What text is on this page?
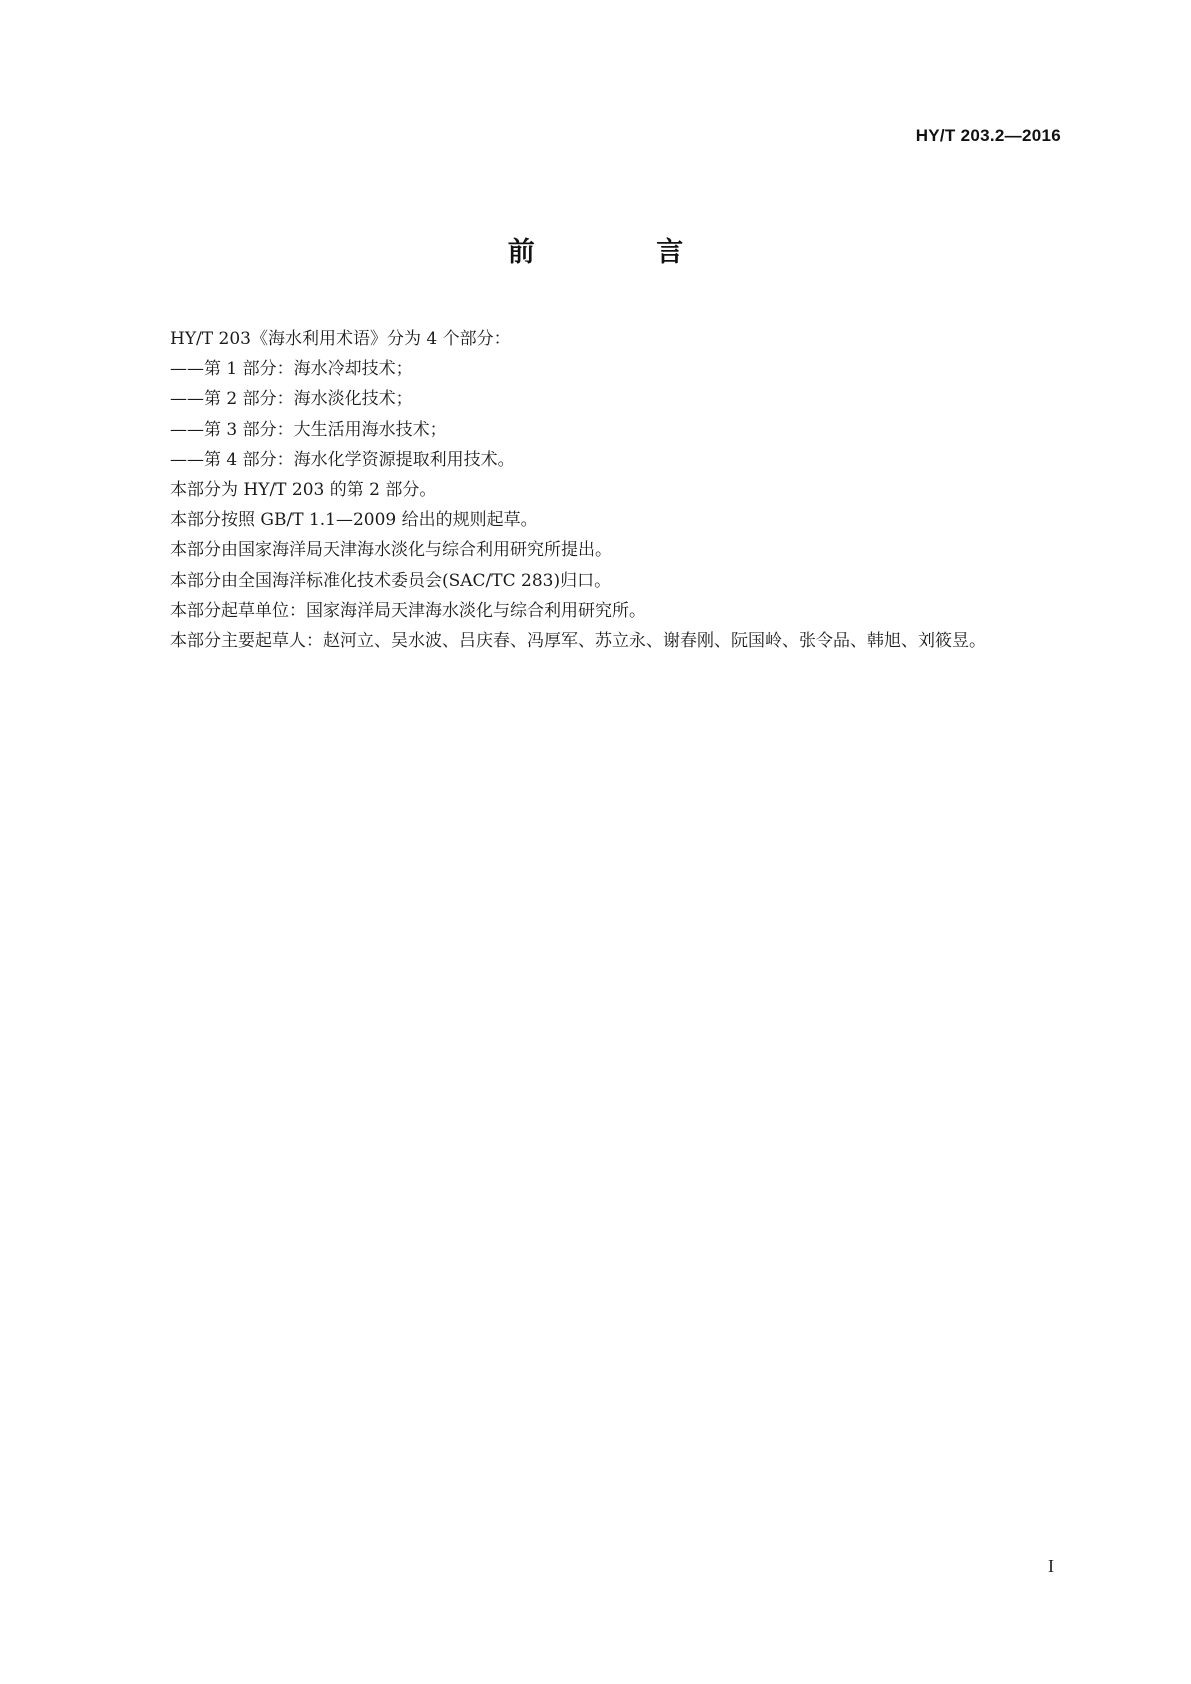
HY/T 203.2—2016
前 言

HY/T 203《海水利用术语》分为 4 个部分：

——第 1 部分：海水冷却技术；

——第 2 部分：海水淡化技术；

——第 3 部分：大生活用海水技术；

——第 4 部分：海水化学资源提取利用技术。

本部分为 HY/T 203 的第 2 部分。

本部分按照 GB/T 1.1—2009 给出的规则起草。

本部分由国家海洋局天津海水淡化与综合利用研究所提出。

本部分由全国海洋标准化技术委员会(SAC/TC 283)归口。

本部分起草单位：国家海洋局天津海水淡化与综合利用研究所。

本部分主要起草人：赵河立、吴水波、吕庆春、冯厚军、苏立永、谢春刚、阮国岭、张令品、韩旭、刘筱昱。

I
